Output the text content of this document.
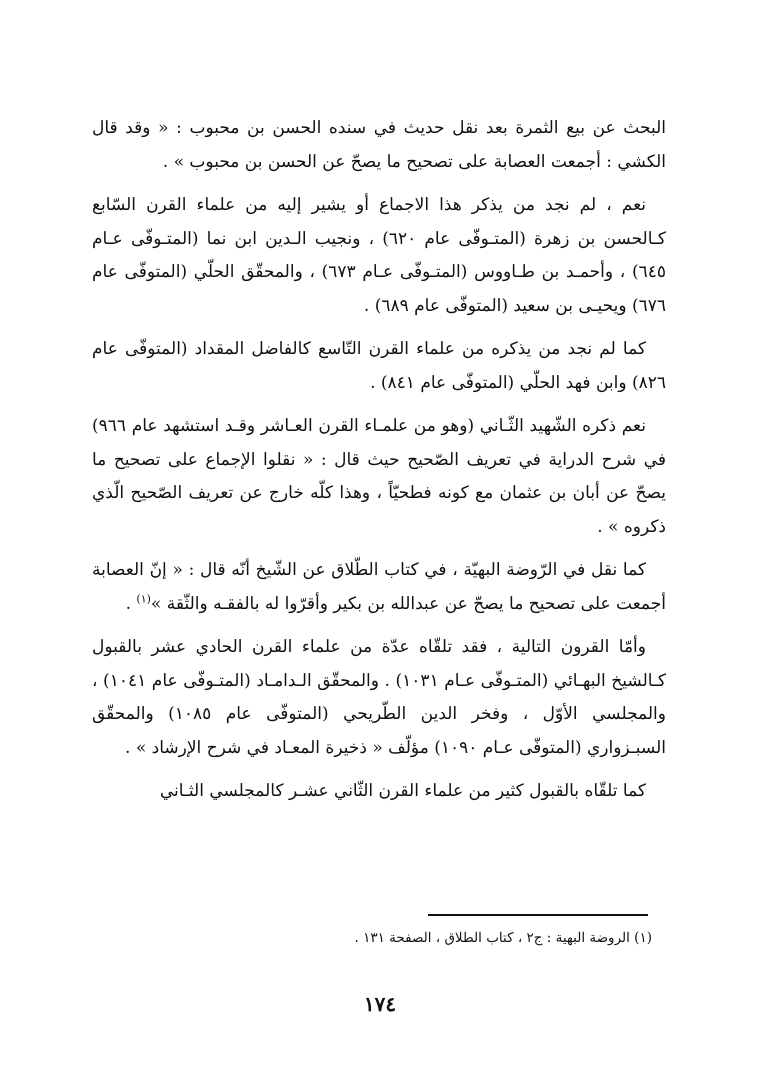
البحث عن بيع الثمرة بعد نقل حديث في سنده الحسن بن محبوب : « وقد قال الكشي : أجمعت العصابة على تصحيح ما يصحّ عن الحسن بن محبوب » .

نعم ، لم نجد من يذكر هذا الاجماع أو يشير إليه من علماء القرن السّابع كـالحسن بن زهرة (المتـوفّى عام ٦٢٠) ، ونجيب الـدين ابن نما (المتـوفّى عـام ٦٤٥) ، وأحمـد بن طـاووس (المتـوفّى عـام ٦٧٣) ، والمحقّق الحلّي (المتوفّى عام ٦٧٦) ويحيـى بن سعيد (المتوفّى عام ٦٨٩) .

كما لم نجد من يذكره من علماء القرن التّاسع كالفاضل المقداد (المتوفّى عام ٨٢٦) وابن فهد الحلّي (المتوفّى عام ٨٤١) .

نعم ذكره الشّهيد الثّـاني (وهو من علمـاء القرن العـاشر وقـد استشهد عام ٩٦٦) في شرح الدراية في تعريف الصّحيح حيث قال : « نقلوا الإجماع على تصحيح ما يصحّ عن أبان بن عثمان مع كونه فطحيّاً ، وهذا كلّه خارج عن تعريف الصّحيح الّذي ذكروه » .

كما نقل في الرّوضة البهيّة ، في كتاب الطّلاق عن الشّيخ أنّه قال : « إنّ العصابة أجمعت على تصحيح ما يصحّ عن عبدالله بن بكير وأقرّوا له بالفقـه والثّقة »$^{(١)}$ .

وأمّا القرون التالية ، فقد تلقّاه عدّة من علماء القرن الحادي عشر بالقبول كـالشيخ البهـائي (المتـوفّى عـام ١٠٣١) . والمحقّق الـدامـاد (المتـوفّى عام ١٠٤١) ، والمجلسي الأوّل ، وفخر الدين الطّريحي (المتوفّى عام ١٠٨٥) والمحقّق السبـزواري (المتوفّى عـام ١٠٩٠) مؤلّف « ذخيرة المعـاد في شرح الإرشاد » .

كما تلقّاه بالقبول كثير من علماء القرن الثّاني عشـر كالمجلسي الثـاني

(١) الروضة البهية : ج٢ ، كتاب الطلاق ، الصفحة ١٣١ .
١٧٤
